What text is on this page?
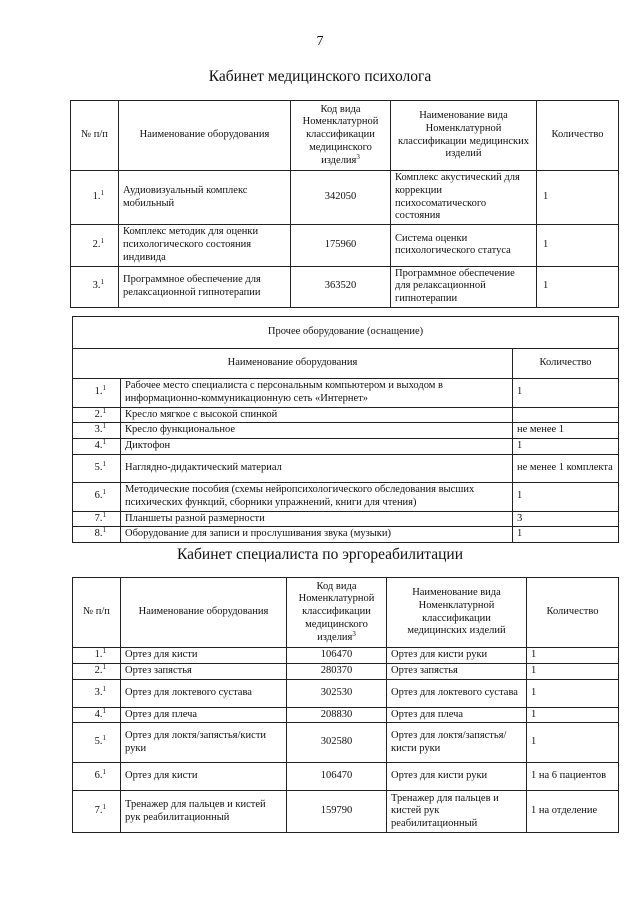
7
Кабинет медицинского психолога
№ п/п	Наименование оборудования	Код вида Номенклатурной классификации медицинского изделия$^3$	Наименование вида Номенклатурной классификации медицинских изделий	Количество
1.$^1$	Аудиовизуальный комплекс мобильный	342050	Комплекс акустический для коррекции психосоматического состояния	1
2.$^1$	Комплекс методик для оценки психологического состояния индивида	175960	Система оценки психологического статуса	1
3.$^1$	Программное обеспечение для релаксационной гипнотерапии	363520	Программное обеспечение для релаксационной гипнотерапии	1
Прочее оборудование (оснащение)		
Наименование оборудования		Количество
1.$^1$	Рабочее место специалиста с персональным компьютером и выходом в информационно-коммуникационную сеть «Интернет»	1
2.$^1$	Кресло мягкое с высокой спинкой	
3.$^1$	Кресло функциональное	не менее 1
4.$^1$	Диктофон	1
5.$^1$	Наглядно-дидактический материал	не менее 1 комплекта
6.$^1$	Методические пособия (схемы нейропсихологического обследования высших психических функций, сборники упражнений, книги для чтения)	1
7.$^1$	Планшеты разной размерности	3
8.$^1$	Оборудование для записи и прослушивания звука (музыки)	1
Кабинет специалиста по эргореабилитации
№ п/п	Наименование оборудования	Код вида Номенклатурной классификации медицинского изделия$^3$	Наименование вида Номенклатурной классификации медицинских изделий	Количество
1.$^1$	Ортез для кисти	106470	Ортез для кисти руки	1
2.$^1$	Ортез запястья	280370	Ортез запястья	1
3.$^1$	Ортез для локтевого сустава	302530	Ортез для локтевого сустава	1
4.$^1$	Ортез для плеча	208830	Ортез для плеча	1
5.$^1$	Ортез для локтя/запястья/кисти руки	302580	Ортез для локтя/запястья/кисти руки	1
6.$^1$	Ортез для кисти	106470	Ортез для кисти руки	1 на 6 пациентов
7.$^1$	Тренажер для пальцев и кистей рук реабилитационный	159790	Тренажер для пальцев и кистей рук реабилитационный	1 на отделение
